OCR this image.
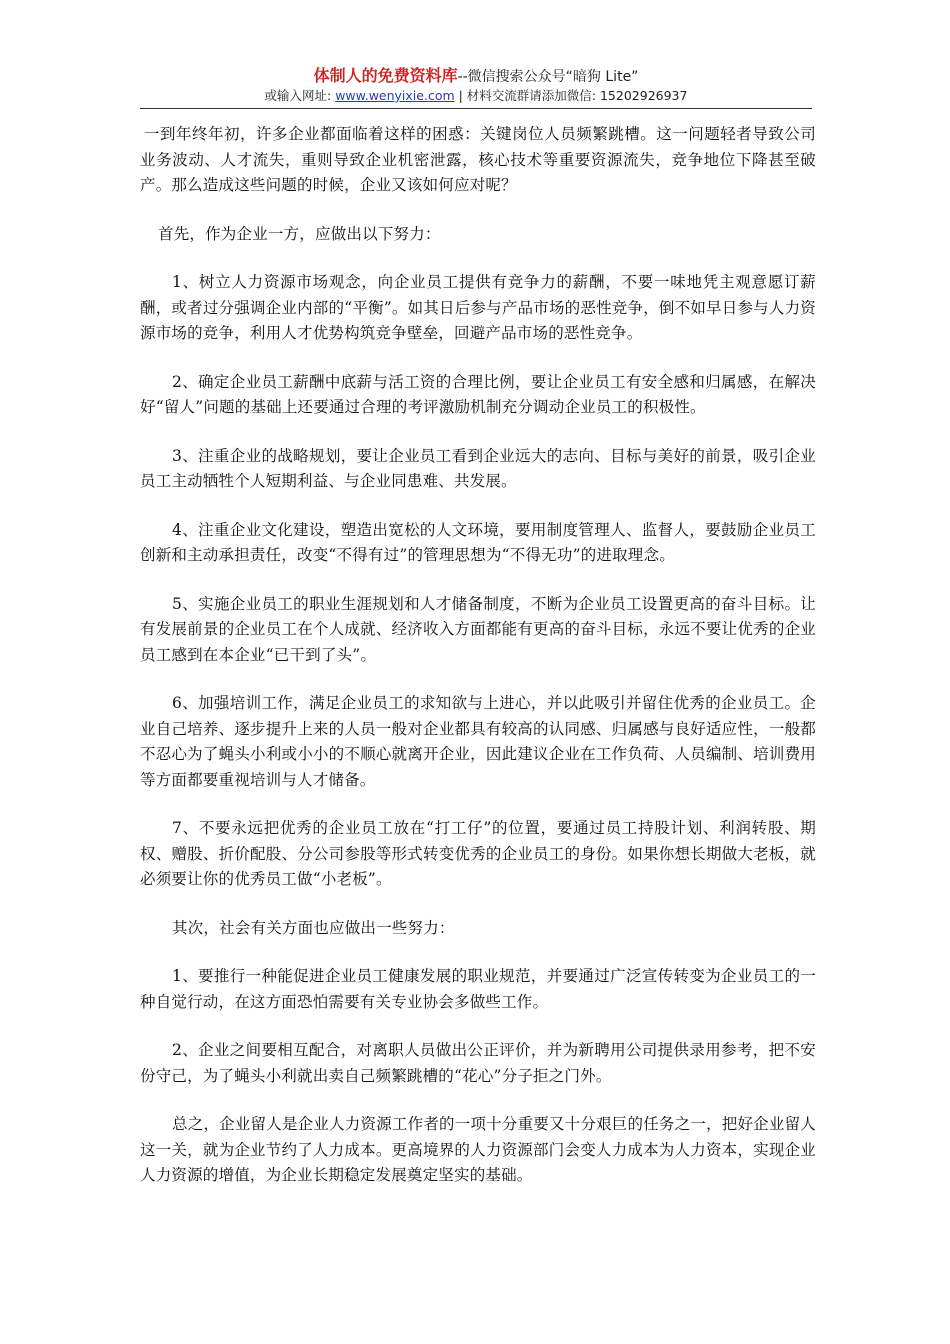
体制人的免费资料库--微信搜索公众号“暗狗 Lite”
或输入网址: www.wenyixie.com | 材料交流群请添加微信: 15202926937

一到年终年初，许多企业都面临着这样的困惑：关键岗位人员频繁跳槽。这一问题轻者导致公司业务波动、人才流失，重则导致企业机密泄露，核心技术等重要资源流失，竞争地位下降甚至破产。那么造成这些问题的时候，企业又该如何应对呢？

首先，作为企业一方，应做出以下努力：

1、树立人力资源市场观念，向企业员工提供有竞争力的薪酬，不要一味地凭主观意愿订薪酬，或者过分强调企业内部的“平衡”。如其日后参与产品市场的恶性竞争，倒不如早日参与人力资源市场的竞争，利用人才优势构筑竞争壁垒，回避产品市场的恶性竞争。

2、确定企业员工薪酬中底薪与活工资的合理比例，要让企业员工有安全感和归属感，在解决好“留人”问题的基础上还要通过合理的考评激励机制充分调动企业员工的积极性。

3、注重企业的战略规划，要让企业员工看到企业远大的志向、目标与美好的前景，吸引企业员工主动牺牲个人短期利益、与企业同患难、共发展。

4、注重企业文化建设，塑造出宽松的人文环境，要用制度管理人、监督人，要鼓励企业员工创新和主动承担责任，改变“不得有过”的管理思想为“不得无功”的进取理念。

5、实施企业员工的职业生涯规划和人才储备制度，不断为企业员工设置更高的奋斗目标。让有发展前景的企业员工在个人成就、经济收入方面都能有更高的奋斗目标，永远不要让优秀的企业员工感到在本企业“已干到了头”。

6、加强培训工作，满足企业员工的求知欲与上进心，并以此吸引并留住优秀的企业员工。企业自己培养、逐步提升上来的人员一般对企业都具有较高的认同感、归属感与良好适应性，一般都不忍心为了蝇头小利或小小的不顺心就离开企业，因此建议企业在工作负荷、人员编制、培训费用等方面都要重视培训与人才储备。

7、不要永远把优秀的企业员工放在“打工仔”的位置，要通过员工持股计划、利润转股、期权、赠股、折价配股、分公司参股等形式转变优秀的企业员工的身份。如果你想长期做大老板，就必须要让你的优秀员工做“小老板”。

其次，社会有关方面也应做出一些努力：

1、要推行一种能促进企业员工健康发展的职业规范，并要通过广泛宣传转变为企业员工的一种自觉行动，在这方面恐怕需要有关专业协会多做些工作。

2、企业之间要相互配合，对离职人员做出公正评价，并为新聘用公司提供录用参考，把不安份守己，为了蝇头小利就出卖自己频繁跳槽的“花心”分子拒之门外。

总之，企业留人是企业人力资源工作者的一项十分重要又十分艰巨的任务之一，把好企业留人这一关，就为企业节约了人力成本。更高境界的人力资源部门会变人力成本为人力资本，实现企业人力资源的增值，为企业长期稳定发展奠定坚实的基础。
